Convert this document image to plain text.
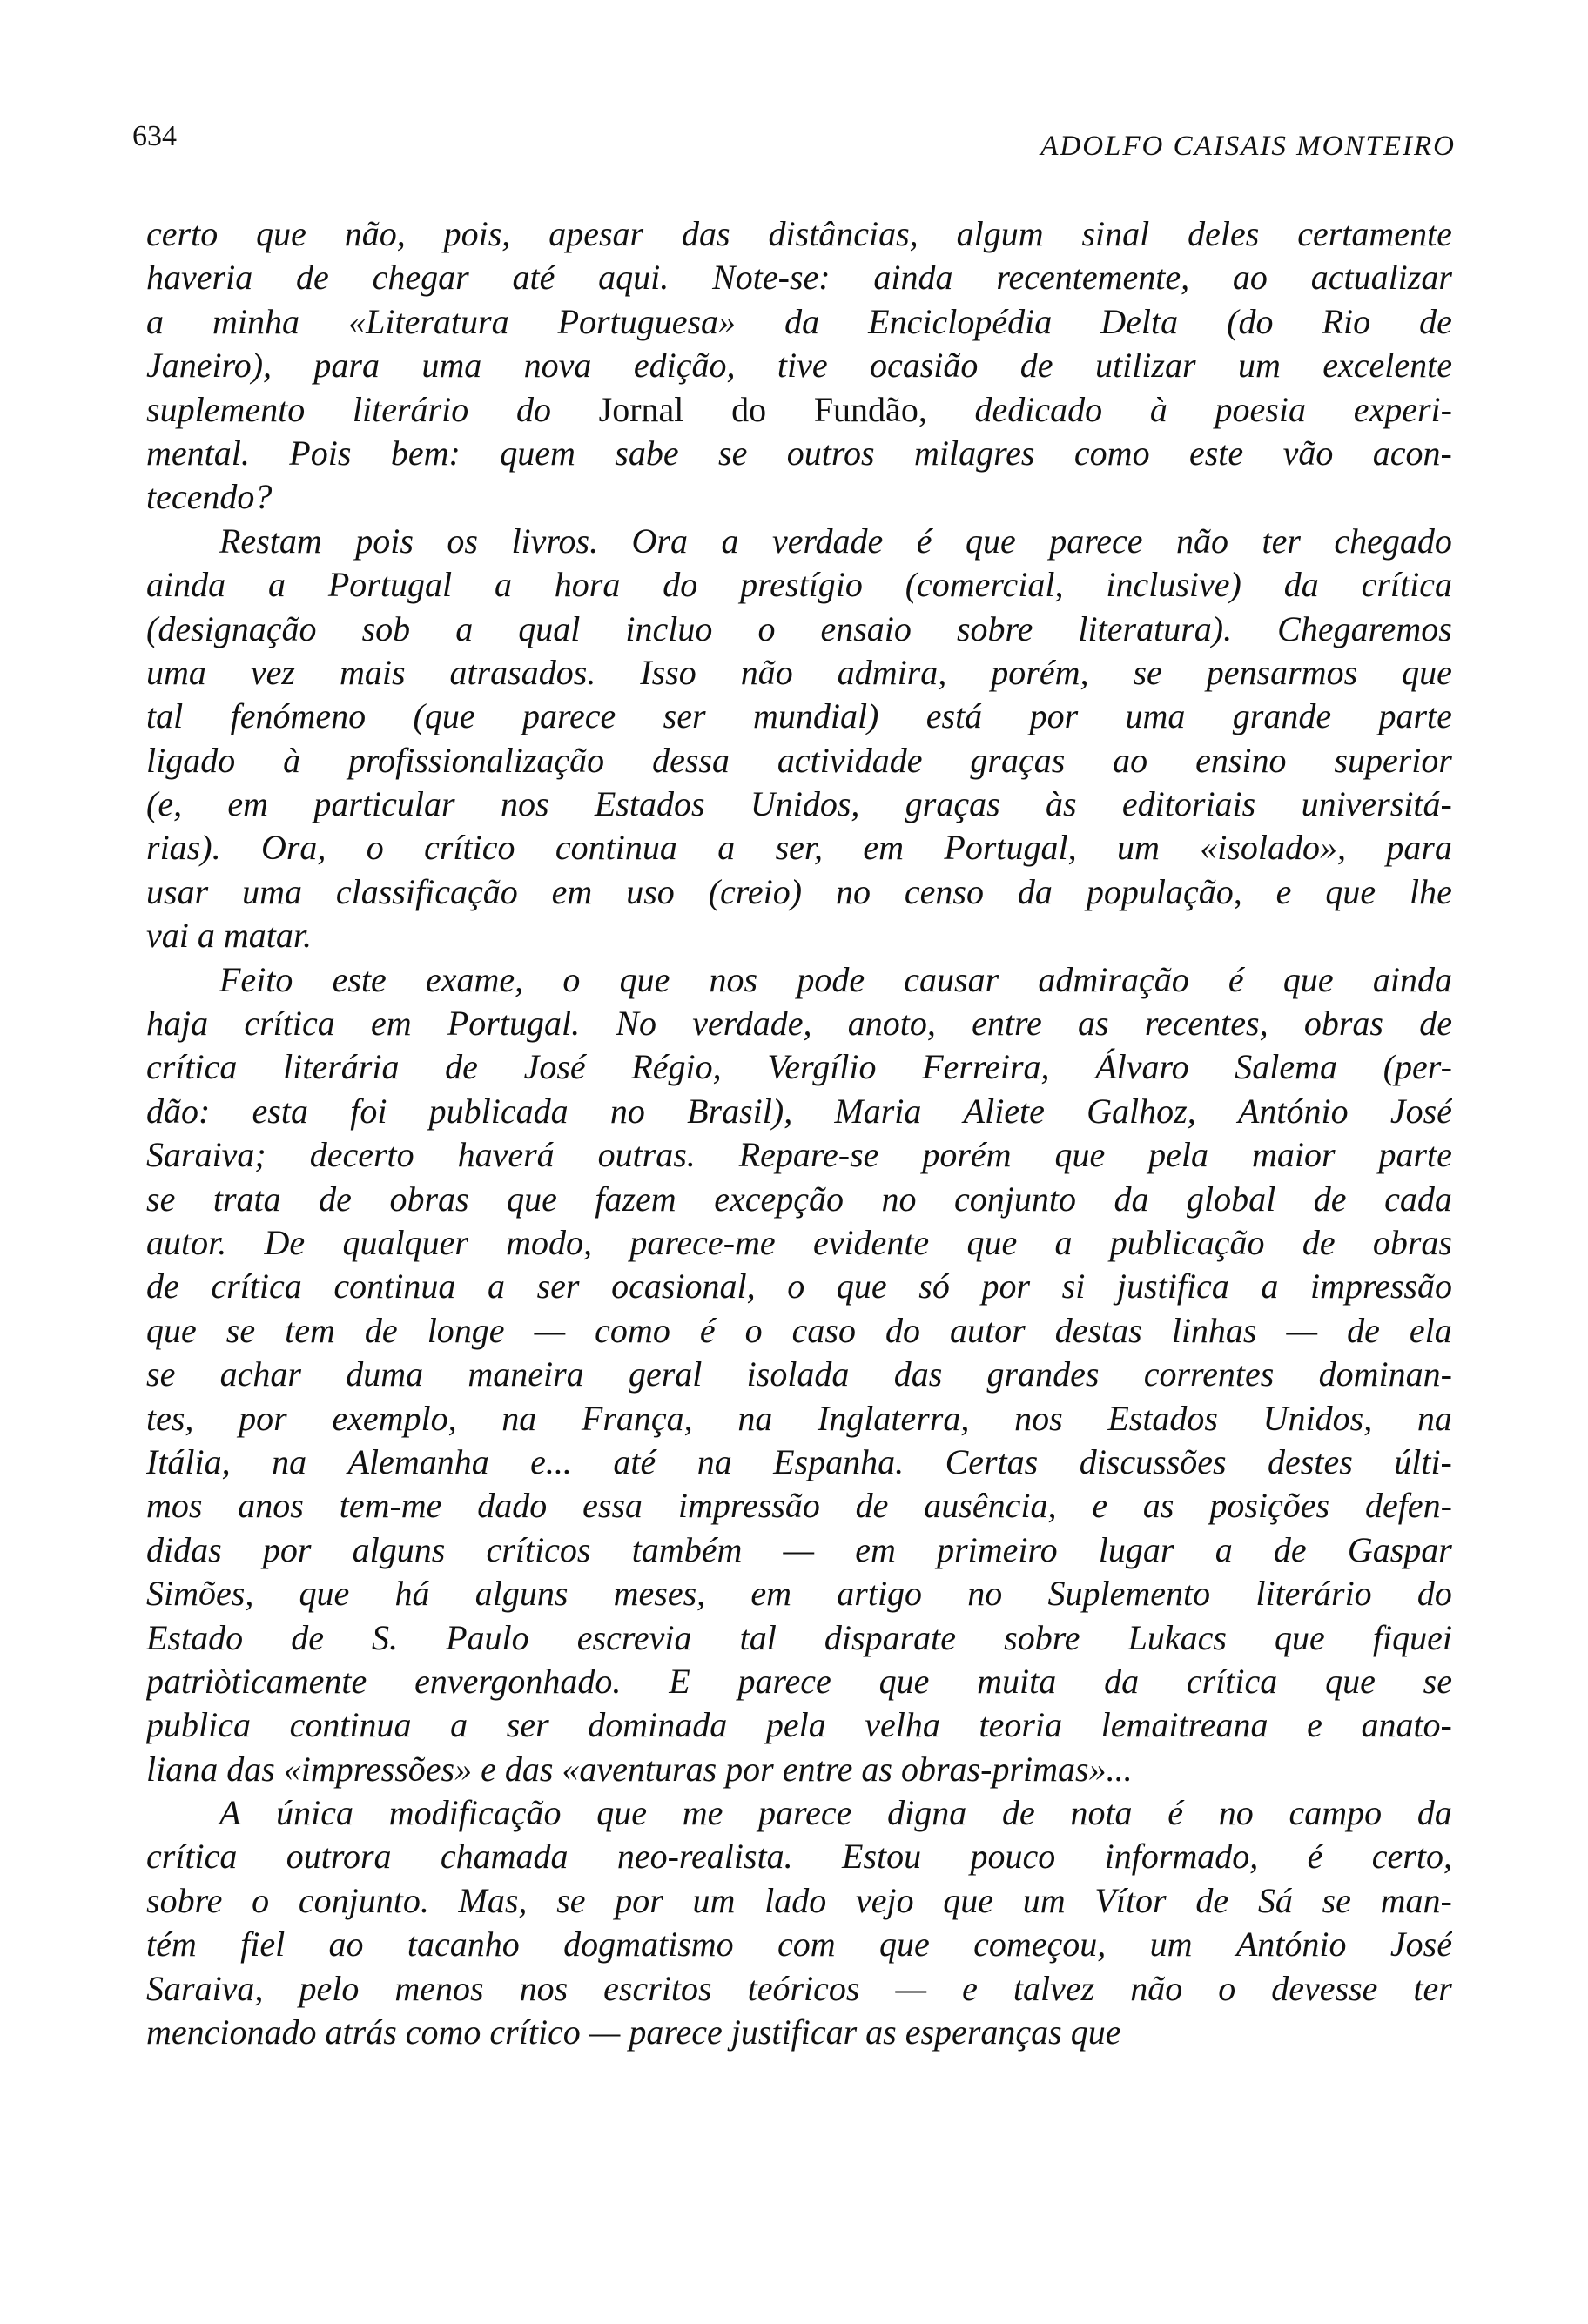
634	ADOLFO CAISAIS MONTEIRO
certo que não, pois, apesar das distâncias, algum sinal deles certamente
haveria de chegar até aqui. Note-se: ainda recentemente, ao actualizar
a minha «Literatura Portuguesa» da Enciclopédia Delta (do Rio de
Janeiro), para uma nova edição, tive ocasião de utilizar um excelente
suplemento literário do Jornal do Fundão, dedicado à poesia experi-
mental. Pois bem: quem sabe se outros milagres como este vão acon-
tecendo?
Restam pois os livros. Ora a verdade é que parece não ter chegado
ainda a Portugal a hora do prestígio (comercial, inclusive) da crítica
(designação sob a qual incluo o ensaio sobre literatura). Chegaremos
uma vez mais atrasados. Isso não admira, porém, se pensarmos que
tal fenómeno (que parece ser mundial) está por uma grande parte
ligado à profissionalização dessa actividade graças ao ensino superior
(e, em particular nos Estados Unidos, graças às editoriais universitá-
rias). Ora, o crítico continua a ser, em Portugal, um «isolado», para
usar uma classificação em uso (creio) no censo da população, e que lhe
vai a matar.
Feito este exame, o que nos pode causar admiração é que ainda
haja crítica em Portugal. No verdade, anoto, entre as recentes, obras de
crítica literária de José Régio, Vergílio Ferreira, Álvaro Salema (per-
dão: esta foi publicada no Brasil), Maria Aliete Galhoz, António José
Saraiva; decerto haverá outras. Repare-se porém que pela maior parte
se trata de obras que fazem excepção no conjunto da global de cada
autor. De qualquer modo, parece-me evidente que a publicação de obras
de crítica continua a ser ocasional, o que só por si justifica a impressão
que se tem de longe — como é o caso do autor destas linhas — de ela
se achar duma maneira geral isolada das grandes correntes dominan-
tes, por exemplo, na França, na Inglaterra, nos Estados Unidos, na
Itália, na Alemanha e... até na Espanha. Certas discussões destes últi-
mos anos tem-me dado essa impressão de ausência, e as posições defen-
didas por alguns críticos também — em primeiro lugar a de Gaspar
Simões, que há alguns meses, em artigo no Suplemento literário do
Estado de S. Paulo escrevia tal disparate sobre Lukacs que fiquei
patriòticamente envergonhado. E parece que muita da crítica que se
publica continua a ser dominada pela velha teoria lemaitreana e anato-
liana das «impressões» e das «aventuras por entre as obras-primas»...
A única modificação que me parece digna de nota é no campo da
crítica outrora chamada neo-realista. Estou pouco informado, é certo,
sobre o conjunto. Mas, se por um lado vejo que um Vítor de Sá se man-
tém fiel ao tacanho dogmatismo com que começou, um António José
Saraiva, pelo menos nos escritos teóricos — e talvez não o devesse ter
mencionado atrás como crítico — parece justificar as esperanças que
